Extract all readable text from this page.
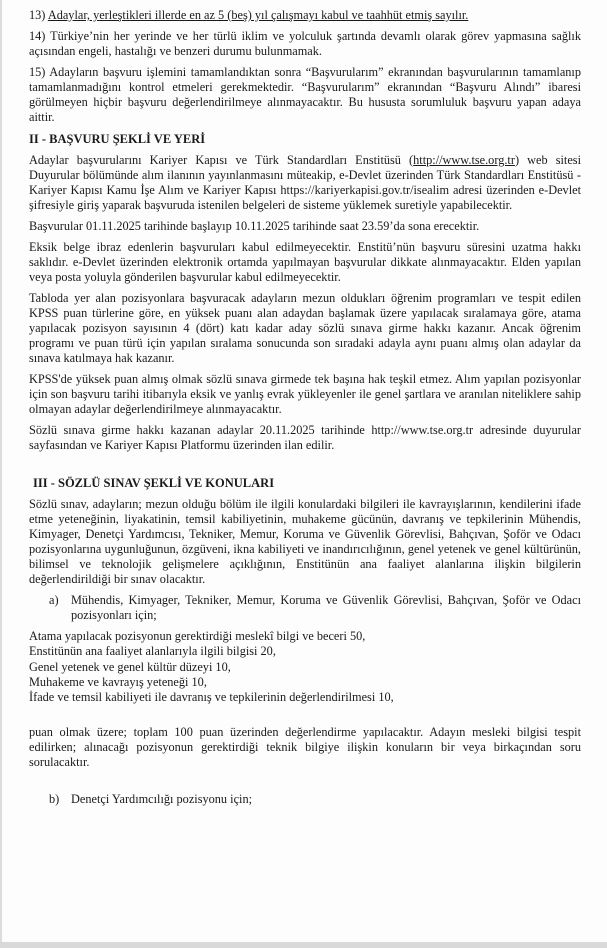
13) Adaylar, yerleştikleri illerde en az 5 (beş) yıl çalışmayı kabul ve taahhüt etmiş sayılır.

14) Türkiye’nin her yerinde ve her türlü iklim ve yolculuk şartında devamlı olarak görev yapmasına sağlık açısından engeli, hastalığı ve benzeri durumu bulunmamak.

15) Adayların başvuru işlemini tamamlandıktan sonra “Başvurularım” ekranından başvurularının tamamlanıp tamamlanmadığını kontrol etmeleri gerekmektedir. “Başvurularım” ekranından “Başvuru Alındı” ibaresi görülmeyen hiçbir başvuru değerlendirilmeye alınmayacaktır. Bu hususta sorumluluk başvuru yapan adaya aittir.

II - BAŞVURU ŞEKLİ VE YERİ

Adaylar başvurularını Kariyer Kapısı ve Türk Standardları Enstitüsü (http://www.tse.org.tr) web sitesi Duyurular bölümünde alım ilanının yayınlanmasını müteakip, e-Devlet üzerinden Türk Standardları Enstitüsü - Kariyer Kapısı Kamu İşe Alım ve Kariyer Kapısı https://kariyerkapisi.gov.tr/isealim adresi üzerinden e-Devlet şifresiyle giriş yaparak başvuruda istenilen belgeleri de sisteme yüklemek suretiyle yapabilecektir.

Başvurular 01.11.2025 tarihinde başlayıp 10.11.2025 tarihinde saat 23.59’da sona erecektir.

Eksik belge ibraz edenlerin başvuruları kabul edilmeyecektir. Enstitü’nün başvuru süresini uzatma hakkı saklıdır. e-Devlet üzerinden elektronik ortamda yapılmayan başvurular dikkate alınmayacaktır. Elden yapılan veya posta yoluyla gönderilen başvurular kabul edilmeyecektir.

Tabloda yer alan pozisyonlara başvuracak adayların mezun oldukları öğrenim programları ve tespit edilen KPSS puan türlerine göre, en yüksek puanı alan adaydan başlamak üzere yapılacak sıralamaya göre, atama yapılacak pozisyon sayısının 4 (dört) katı kadar aday sözlü sınava girme hakkı kazanır. Ancak öğrenim programı ve puan türü için yapılan sıralama sonucunda son sıradaki adayla aynı puanı almış olan adaylar da sınava katılmaya hak kazanır.

KPSS'de yüksek puan almış olmak sözlü sınava girmede tek başına hak teşkil etmez. Alım yapılan pozisyonlar için son başvuru tarihi itibarıyla eksik ve yanlış evrak yükleyenler ile genel şartlara ve aranılan niteliklere sahip olmayan adaylar değerlendirilmeye alınmayacaktır.

Sözlü sınava girme hakkı kazanan adaylar 20.11.2025 tarihinde http://www.tse.org.tr adresinde duyurular sayfasından ve Kariyer Kapısı Platformu üzerinden ilan edilir.

III - SÖZLÜ SINAV ŞEKLİ VE KONULARI

Sözlü sınav, adayların; mezun olduğu bölüm ile ilgili konulardaki bilgileri ile kavrayışlarının, kendilerini ifade etme yeteneğinin, liyakatinin, temsil kabiliyetinin, muhakeme gücünün, davranış ve tepkilerinin Mühendis, Kimyager, Denetçi Yardımcısı, Tekniker, Memur, Koruma ve Güvenlik Görevlisi, Bahçıvan, Şoför ve Odacı pozisyonlarına uygunluğunun, özgüveni, ikna kabiliyeti ve inandırıcılığının, genel yetenek ve genel kültürünün, bilimsel ve teknolojik gelişmelere açıklığının, Enstitünün ana faaliyet alanlarına ilişkin bilgilerin değerlendirildiği bir sınav olacaktır.

a)	Mühendis, Kimyager, Tekniker, Memur, Koruma ve Güvenlik Görevlisi, Bahçıvan, Şoför ve Odacı pozisyonları için;
Atama yapılacak pozisyonun gerektirdiği meslekî bilgi ve beceri 50,
Enstitünün ana faaliyet alanlarıyla ilgili bilgisi 20,
Genel yetenek ve genel kültür düzeyi 10,
Muhakeme ve kavrayış yeteneği 10,
İfade ve temsil kabiliyeti ile davranış ve tepkilerinin değerlendirilmesi 10,

puan olmak üzere; toplam 100 puan üzerinden değerlendirme yapılacaktır. Adayın mesleki bilgisi tespit edilirken; alınacağı pozisyonun gerektirdiği teknik bilgiye ilişkin konuların bir veya birkaçından soru sorulacaktır.

b) Denetçi Yardımcılığı pozisyonu için;
